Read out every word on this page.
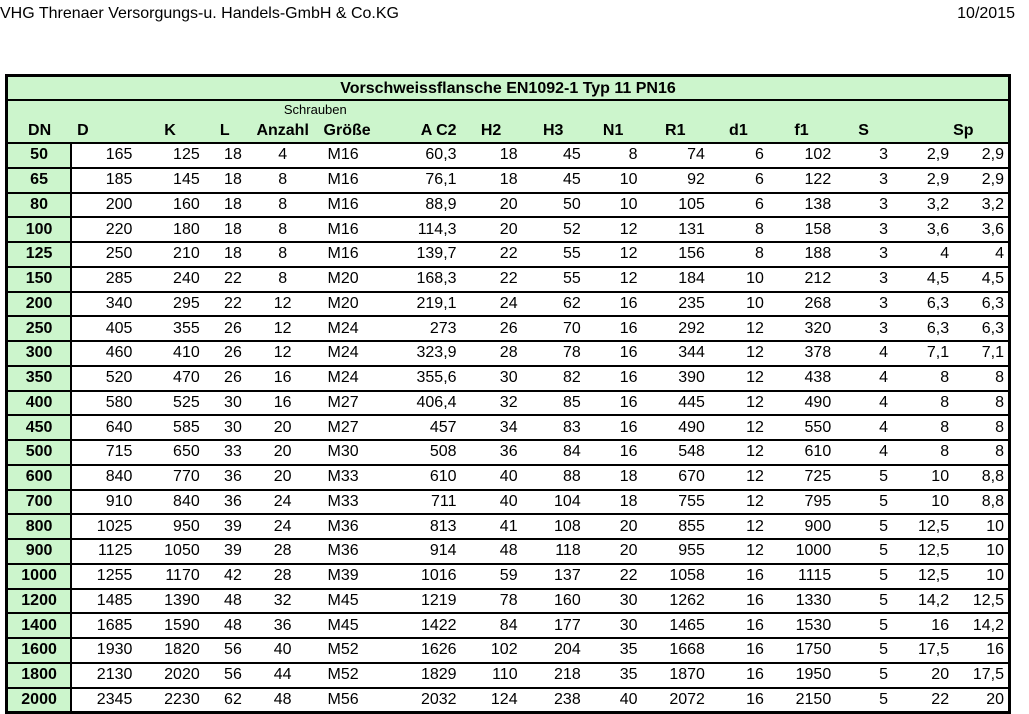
VHG Threnaer Versorgungs-u. Handels-GmbH & Co.KG	10/2015
Vorschweissflansche EN1092-1 Typ 11 PN16															
				Schrauben											
DN	D	K	L	Anzahl	Größe	A C2	H2	H3	N1	R1	d1	f1	S		Sp
50	165	125	18	4	M16	60,3	18	45	8	74	6	102	3	2,9	2,9
65	185	145	18	8	M16	76,1	18	45	10	92	6	122	3	2,9	2,9
80	200	160	18	8	M16	88,9	20	50	10	105	6	138	3	3,2	3,2
100	220	180	18	8	M16	114,3	20	52	12	131	8	158	3	3,6	3,6
125	250	210	18	8	M16	139,7	22	55	12	156	8	188	3	4	4
150	285	240	22	8	M20	168,3	22	55	12	184	10	212	3	4,5	4,5
200	340	295	22	12	M20	219,1	24	62	16	235	10	268	3	6,3	6,3
250	405	355	26	12	M24	273	26	70	16	292	12	320	3	6,3	6,3
300	460	410	26	12	M24	323,9	28	78	16	344	12	378	4	7,1	7,1
350	520	470	26	16	M24	355,6	30	82	16	390	12	438	4	8	8
400	580	525	30	16	M27	406,4	32	85	16	445	12	490	4	8	8
450	640	585	30	20	M27	457	34	83	16	490	12	550	4	8	8
500	715	650	33	20	M30	508	36	84	16	548	12	610	4	8	8
600	840	770	36	20	M33	610	40	88	18	670	12	725	5	10	8,8
700	910	840	36	24	M33	711	40	104	18	755	12	795	5	10	8,8
800	1025	950	39	24	M36	813	41	108	20	855	12	900	5	12,5	10
900	1125	1050	39	28	M36	914	48	118	20	955	12	1000	5	12,5	10
1000	1255	1170	42	28	M39	1016	59	137	22	1058	16	1115	5	12,5	10
1200	1485	1390	48	32	M45	1219	78	160	30	1262	16	1330	5	14,2	12,5
1400	1685	1590	48	36	M45	1422	84	177	30	1465	16	1530	5	16	14,2
1600	1930	1820	56	40	M52	1626	102	204	35	1668	16	1750	5	17,5	16
1800	2130	2020	56	44	M52	1829	110	218	35	1870	16	1950	5	20	17,5
2000	2345	2230	62	48	M56	2032	124	238	40	2072	16	2150	5	22	20
